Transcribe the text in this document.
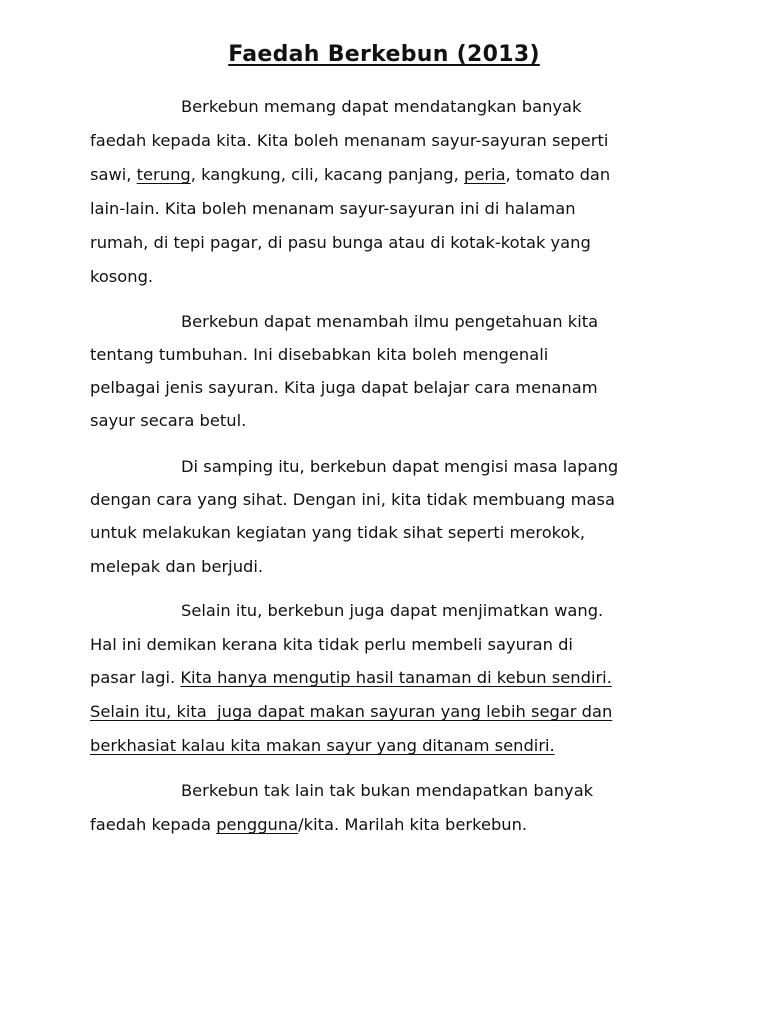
Faedah Berkebun (2013)
Berkebun memang dapat mendatangkan banyak
faedah kepada kita. Kita boleh menanam sayur-sayuran seperti
sawi, terung, kangkung, cili, kacang panjang, peria, tomato dan
lain-lain. Kita boleh menanam sayur-sayuran ini di halaman
rumah, di tepi pagar, di pasu bunga atau di kotak-kotak yang
kosong.
Berkebun dapat menambah ilmu pengetahuan kita
tentang tumbuhan. Ini disebabkan kita boleh mengenali
pelbagai jenis sayuran. Kita juga dapat belajar cara menanam
sayur secara betul.
Di samping itu, berkebun dapat mengisi masa lapang
dengan cara yang sihat. Dengan ini, kita tidak membuang masa
untuk melakukan kegiatan yang tidak sihat seperti merokok,
melepak dan berjudi.
Selain itu, berkebun juga dapat menjimatkan wang.
Hal ini demikan kerana kita tidak perlu membeli sayuran di
pasar lagi. Kita hanya mengutip hasil tanaman di kebun sendiri.
Selain itu, kita  juga dapat makan sayuran yang lebih segar dan
berkhasiat kalau kita makan sayur yang ditanam sendiri.
Berkebun tak lain tak bukan mendapatkan banyak
faedah kepada pengguna/kita. Marilah kita berkebun.
